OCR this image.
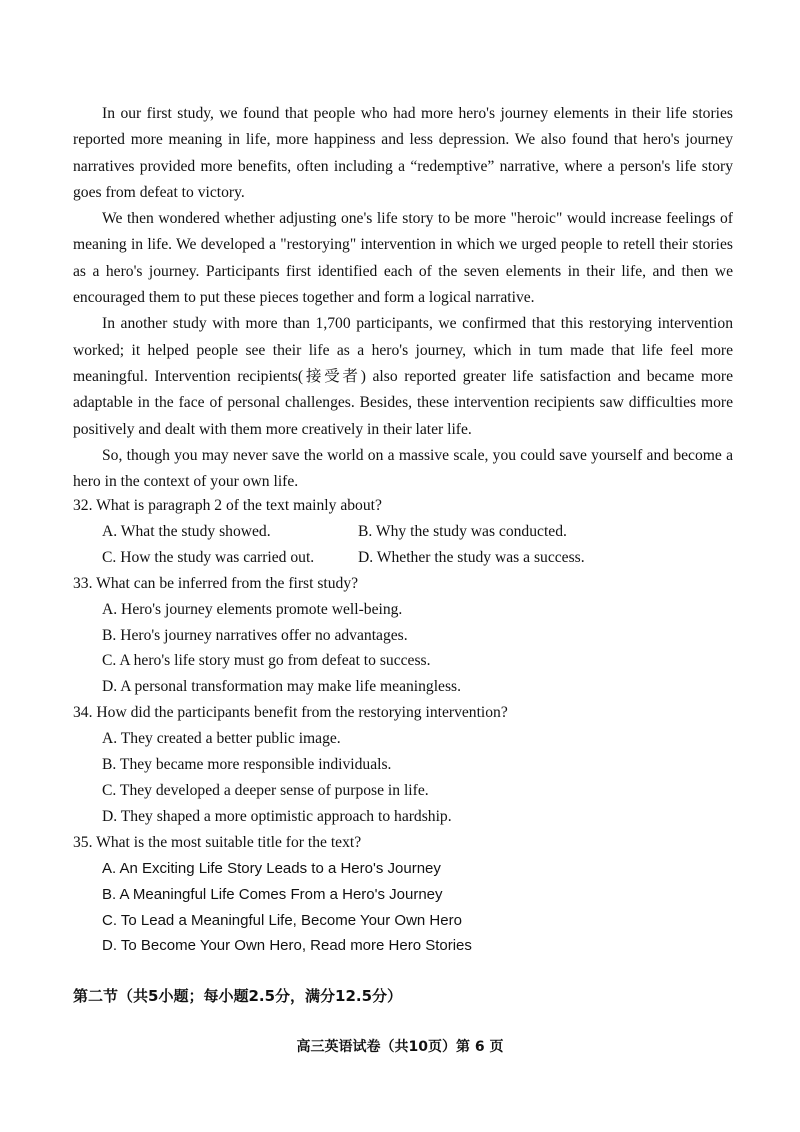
In our first study, we found that people who had more hero's journey elements in their life stories reported more meaning in life, more happiness and less depression. We also found that hero's journey narratives provided more benefits, often including a “redemptive” narrative, where a person's life story goes from defeat to victory.

We then wondered whether adjusting one's life story to be more "heroic" would increase feelings of meaning in life. We developed a "restorying" intervention in which we urged people to retell their stories as a hero's journey. Participants first identified each of the seven elements in their life, and then we encouraged them to put these pieces together and form a logical narrative.

In another study with more than 1,700 participants, we confirmed that this restorying intervention worked; it helped people see their life as a hero's journey, which in tum made that life feel more meaningful. Intervention recipients(接受者) also reported greater life satisfaction and became more adaptable in the face of personal challenges. Besides, these intervention recipients saw difficulties more positively and dealt with them more creatively in their later life.

So, though you may never save the world on a massive scale, you could save yourself and become a hero in the context of your own life.

32. What is paragraph 2 of the text mainly about?

A. What the study showed.	B. Why the study was conducted.
C. How the study was carried out.	D. Whether the study was a success.

33. What can be inferred from the first study?

A. Hero's journey elements promote well-being.

B. Hero's journey narratives offer no advantages.

C. A hero's life story must go from defeat to success.

D. A personal transformation may make life meaningless.

34. How did the participants benefit from the restorying intervention?

A. They created a better public image.

B. They became more responsible individuals.

C. They developed a deeper sense of purpose in life.

D. They shaped a more optimistic approach to hardship.

35. What is the most suitable title for the text?

A. An Exciting Life Story Leads to a Hero's Journey

B. A Meaningful Life Comes From a Hero's Journey

C. To Lead a Meaningful Life, Become Your Own Hero

D. To Become Your Own Hero, Read more Hero Stories

第二节（共5小题；每小题2.5分，满分12.5分）
高三英语试卷（共10页）第 6 页
